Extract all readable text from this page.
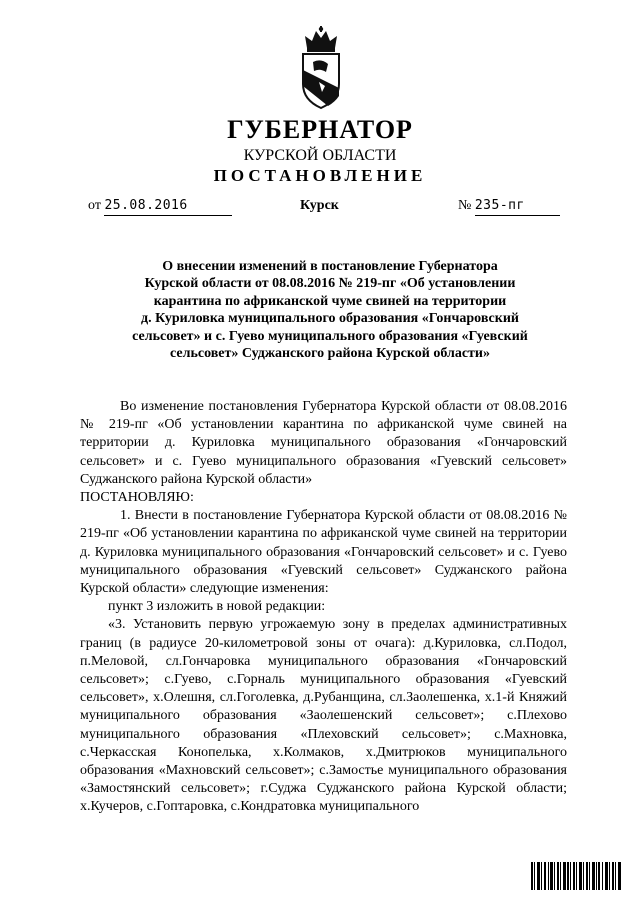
ГУБЕРНАТОР
КУРСКОЙ ОБЛАСТИ
ПОСТАНОВЛЕНИЕ
от 25.08.2016	Курск	№ 235-пг
О внесении изменений в постановление Губернатора
Курской области от 08.08.2016 № 219-пг «Об установлении
карантина по африканской чуме свиней на территории
д. Куриловка муниципального образования «Гончаровский
сельсовет» и с. Гуево муниципального образования «Гуевский
сельсовет» Суджанского района Курской области»

Во изменение постановления Губернатора Курской области от 08.08.2016 № 219-пг «Об установлении карантина по африканской чуме свиней на территории д. Куриловка муниципального образования «Гончаровский сельсовет» и с. Гуево муниципального образования «Гуевский сельсовет» Суджанского района Курской области»

ПОСТАНОВЛЯЮ:

1. Внести в постановление Губернатора Курской области от 08.08.2016 № 219-пг «Об установлении карантина по африканской чуме свиней на территории д. Куриловка муниципального образования «Гончаровский сельсовет» и с. Гуево муниципального образования «Гуевский сельсовет» Суджанского района Курской области» следующие изменения:

пункт 3 изложить в новой редакции:

«3. Установить первую угрожаемую зону в пределах административных границ (в радиусе 20-километровой зоны от очага): д.Куриловка, сл.Подол, п.Меловой, сл.Гончаровка муниципального образования «Гончаровский сельсовет»; с.Гуево, с.Горналь муниципального образования «Гуевский сельсовет», х.Олешня, сл.Гоголевка, д.Рубанщина, сл.Заолешенка, х.1-й Княжий муниципального образования «Заолешенский сельсовет»; с.Плехово муниципального образования «Плеховский сельсовет»; с.Махновка, с.Черкасская Конопелька, х.Колмаков, х.Дмитрюков муниципального образования «Махновский сельсовет»; с.Замостье муниципального образования «Замостянский сельсовет»; г.Суджа Суджанского района Курской области; х.Кучеров, с.Гоптаровка, с.Кондратовка муниципального
